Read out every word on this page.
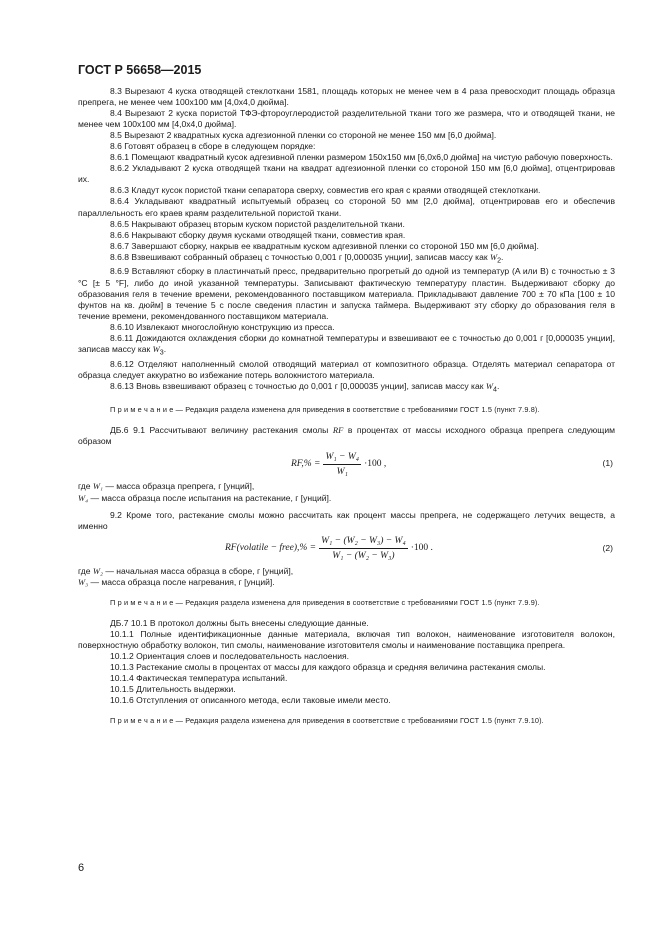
ГОСТ Р 56658—2015

8.3 Вырезают 4 куска отводящей стеклоткани 1581, площадь которых не менее чем в 4 раза превосходит площадь образца препрега, не менее чем 100x100 мм [4,0x4,0 дюйма].

8.4 Вырезают 2 куска пористой ТФЭ-фтороуглеродистой разделительной ткани того же размера, что и отводящей ткани, не менее чем 100x100 мм [4,0x4,0 дюйма].

8.5 Вырезают 2 квадратных куска адгезионной пленки со стороной не менее 150 мм [6,0 дюйма].

8.6 Готовят образец в сборе в следующем порядке:

8.6.1 Помещают квадратный кусок адгезивной пленки размером 150x150 мм [6,0x6,0 дюйма] на чистую рабочую поверхность.

8.6.2 Укладывают 2 куска отводящей ткани на квадрат адгезионной пленки со стороной 150 мм [6,0 дюйма], отцентрировав их.

8.6.3 Кладут кусок пористой ткани сепаратора сверху, совместив его края с краями отводящей стеклоткани.

8.6.4 Укладывают квадратный испытуемый образец со стороной 50 мм [2,0 дюйма], отцентрировав его и обеспечив параллельность его краев краям разделительной пористой ткани.

8.6.5 Накрывают образец вторым куском пористой разделительной ткани.

8.6.6 Накрывают сборку двумя кусками отводящей ткани, совместив края.

8.6.7 Завершают сборку, накрыв ее квадратным куском адгезивной пленки со стороной 150 мм [6,0 дюйма].

8.6.8 Взвешивают собранный образец с точностью 0,001 г [0,000035 унции], записав массу как $W_2$.

8.6.9 Вставляют сборку в пластинчатый пресс, предварительно прогретый до одной из температур (A или B) с точностью ± 3 °C [± 5 °F], либо до иной указанной температуры. Записывают фактическую температуру пластин. Выдерживают сборку до образования геля в течение времени, рекомендованного поставщиком материала. Прикладывают давление 700 ± 70 кПа [100 ± 10 фунтов на кв. дюйм] в течение 5 с после сведения пластин и запуска таймера. Выдерживают эту сборку до образования геля в течение времени, рекомендованного поставщиком материала.

8.6.10 Извлекают многослойную конструкцию из пресса.

8.6.11 Дожидаются охлаждения сборки до комнатной температуры и взвешивают ее с точностью до 0,001 г [0,000035 унции], записав массу как $W_3$.

8.6.12 Отделяют наполненный смолой отводящий материал от композитного образца. Отделять материал сепаратора от образца следует аккуратно во избежание потерь волокнистого материала.

8.6.13 Вновь взвешивают образец с точностью до 0,001 г [0,000035 унции], записав массу как $W_4$.

П р и м е ч а н и е — Редакция раздела изменена для приведения в соответствие с требованиями ГОСТ 1.5 (пункт 7.9.8).

ДБ.6 9.1 Рассчитывают величину растекания смолы RF в процентах от массы исходного образца препрега следующим образом

$RF,\% = \frac{\text{W₁ − W₄}}{\text{W₁}} \cdot 100$ ,	(1)

где W₁ — масса образца препрега, г [унций],

W₄ — масса образца после испытания на растекание, г [унций].

9.2 Кроме того, растекание смолы можно рассчитать как процент массы препрега, не содержащего летучих веществ, а именно

RF(volatile − free),% = $\frac{\text{W₁ − (W₂ − W₃) − W₄}}{\text{W₁ − (W₂ − W₃)}} \cdot 100$ .	(2)

где W₂ — начальная масса образца в сборе, г [унций],

W₃ — масса образца после нагревания, г [унций].

П р и м е ч а н и е — Редакция раздела изменена для приведения в соответствие с требованиями ГОСТ 1.5 (пункт 7.9.9).

ДБ.7 10.1 В протокол должны быть внесены следующие данные.

10.1.1 Полные идентификационные данные материала, включая тип волокон, наименование изготовителя волокон, поверхностную обработку волокон, тип смолы, наименование изготовителя смолы и наименование поставщика препрега.

10.1.2 Ориентация слоев и последовательность наслоения.

10.1.3 Растекание смолы в процентах от массы для каждого образца и средняя величина растекания смолы.

10.1.4 Фактическая температура испытаний.

10.1.5 Длительность выдержки.

10.1.6 Отступления от описанного метода, если таковые имели место.

П р и м е ч а н и е — Редакция раздела изменена для приведения в соответствие с требованиями ГОСТ 1.5 (пункт 7.9.10).

6
